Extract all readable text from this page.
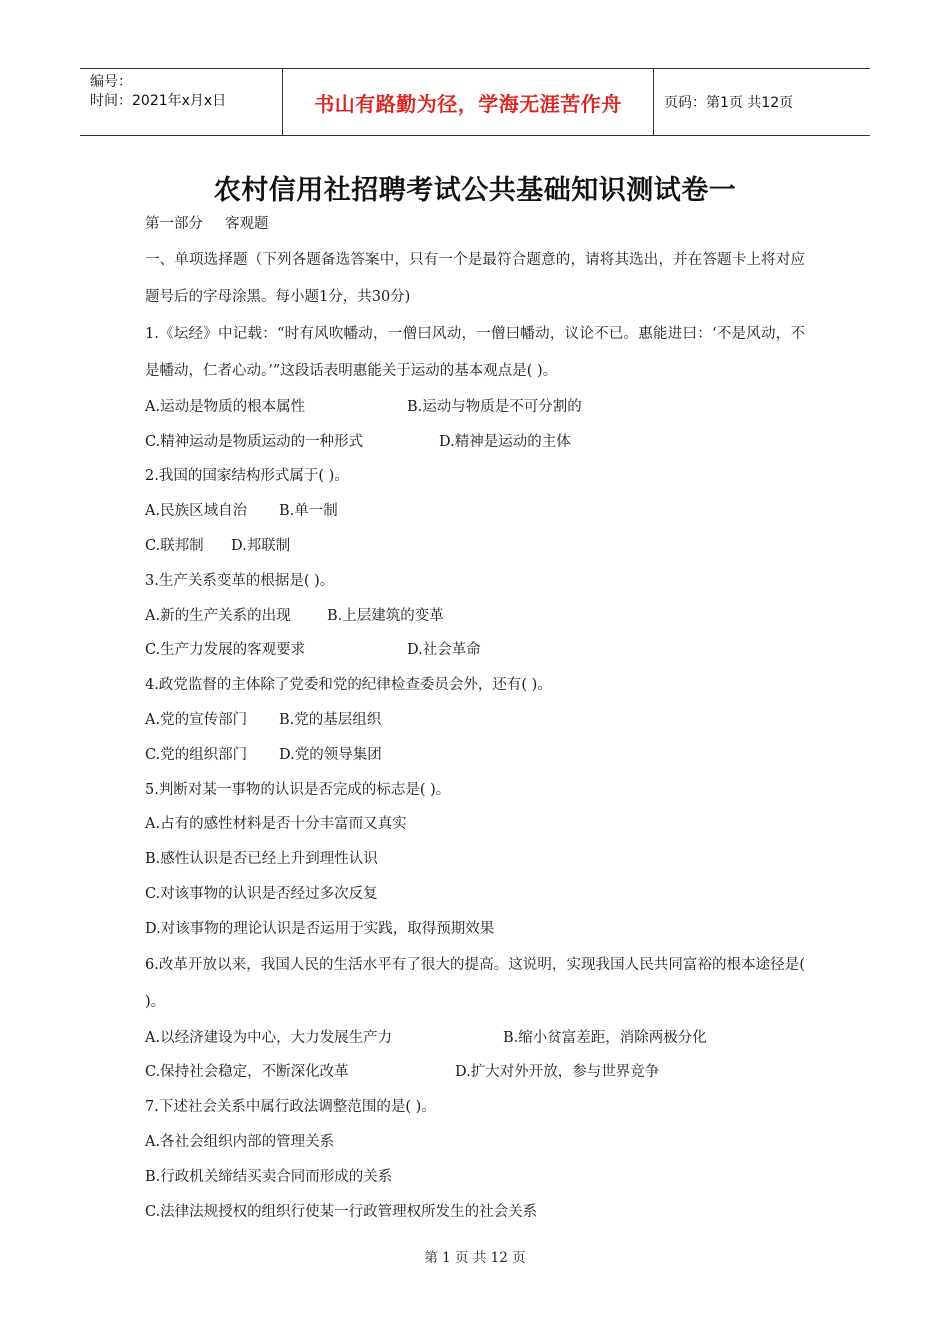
编号：
时间：2021年x月x日	书山有路勤为径，学海无涯苦作舟	页码：第1页 共12页
农村信用社招聘考试公共基础知识测试卷一
第一部分 客观题
一、单项选择题（下列各题备选答案中，只有一个是最符合题意的，请将其选出，并在答题卡上将对应题号后的字母涂黑。每小题1分，共30分)
1.《坛经》中记载：“时有风吹幡动，一僧曰风动，一僧曰幡动，议论不已。惠能进曰：‘不是风动，不是幡动，仁者心动。’”这段话表明惠能关于运动的基本观点是( )。
A.运动是物质的根本属性	B.运动与物质是不可分割的
C.精神运动是物质运动的一种形式	D.精神是运动的主体
2.我国的国家结构形式属于( )。
A.民族区域自治 B.单一制
C.联邦制 D.邦联制
3.生产关系变革的根据是( )。
A.新的生产关系的出现	B.上层建筑的变革
C.生产力发展的客观要求	D.社会革命
4.政党监督的主体除了党委和党的纪律检查委员会外，还有( )。
A.党的宣传部门 B.党的基层组织
C.党的组织部门 D.党的领导集团
5.判断对某一事物的认识是否完成的标志是( )。
A.占有的感性材料是否十分丰富而又真实
B.感性认识是否已经上升到理性认识
C.对该事物的认识是否经过多次反复
D.对该事物的理论认识是否运用于实践，取得预期效果
6.改革开放以来，我国人民的生活水平有了很大的提高。这说明，实现我国人民共同富裕的根本途径是( )。
A.以经济建设为中心，大力发展生产力	B.缩小贫富差距，消除两极分化
C.保持社会稳定，不断深化改革	D.扩大对外开放，参与世界竞争
7.下述社会关系中属行政法调整范围的是( )。
A.各社会组织内部的管理关系
B.行政机关缔结买卖合同而形成的关系
C.法律法规授权的组织行使某一行政管理权所发生的社会关系
第 1 页 共 12 页
